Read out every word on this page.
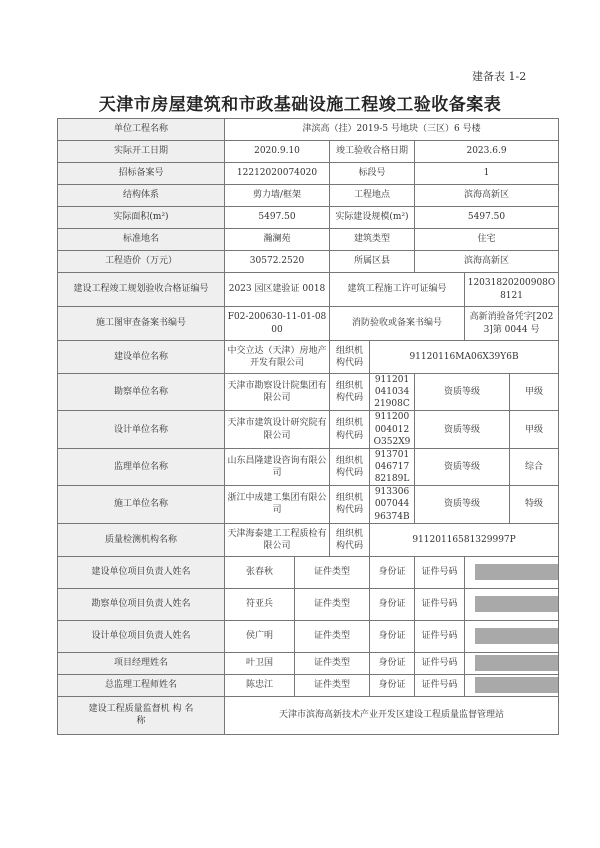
建备表 1-2
天津市房屋建筑和市政基础设施工程竣工验收备案表
单位工程名称	津滨高（挂）2019-5 号地块（三区）6 号楼						
实际开工日期	2020.9.10		竣工验收合格日期		2023.6.9		
招标备案号	12212020074020		标段号		1		
结构体系	剪力墙/框架		工程地点		滨海高新区		
实际面积(m²)	5497.50		实际建设规模(m²)		5497.50		
标准地名	瀚澜苑		建筑类型		住宅		
工程造价（万元）	30572.2520		所属区县		滨海高新区		
建设工程竣工规划验收合格证编号	2023 园区建验证 0018		建筑工程施工许可证编号			12031820200908O8121	
施工图审查备案书编号	F02-200630-11-01-0800		消防验收或备案书编号			高新消验备凭字[2023]第 0044 号	
建设单位名称	中交立达（天津）房地产开发有限公司		组织机构代码	91120116MA06X39Y6B			
勘察单位名称	天津市勘察设计院集团有限公司		组织机构代码	91120104103421908C	资质等级		甲级
设计单位名称	天津市建筑设计研究院有限公司		组织机构代码	911200004012O352X9	资质等级		甲级
监理单位名称	山东昌隆建设咨询有限公司		组织机构代码	91370104671782189L	资质等级		综合
施工单位名称	浙江中成建工集团有限公司		组织机构代码	91330600704496374B	资质等级		特级
质量检测机构名称	天津海泰建工工程质检有限公司		组织机构代码	911201165813299​97P			
建设单位项目负责人姓名	张春秋	证件类型		身份证	证件号码		

勘察单位项目负责人姓名	符亚兵	证件类型		身份证	证件号码		

设计单位项目负责人姓名	侯广明	证件类型		身份证	证件号码		

项目经理姓名	叶卫国	证件类型		身份证	证件号码		

总监理工程师姓名	陈忠江	证件类型		身份证	证件号码		

建设工程质量监督机 构 名 称	天津市滨海高新技术产业开发区建设工程质量监督管理站						
